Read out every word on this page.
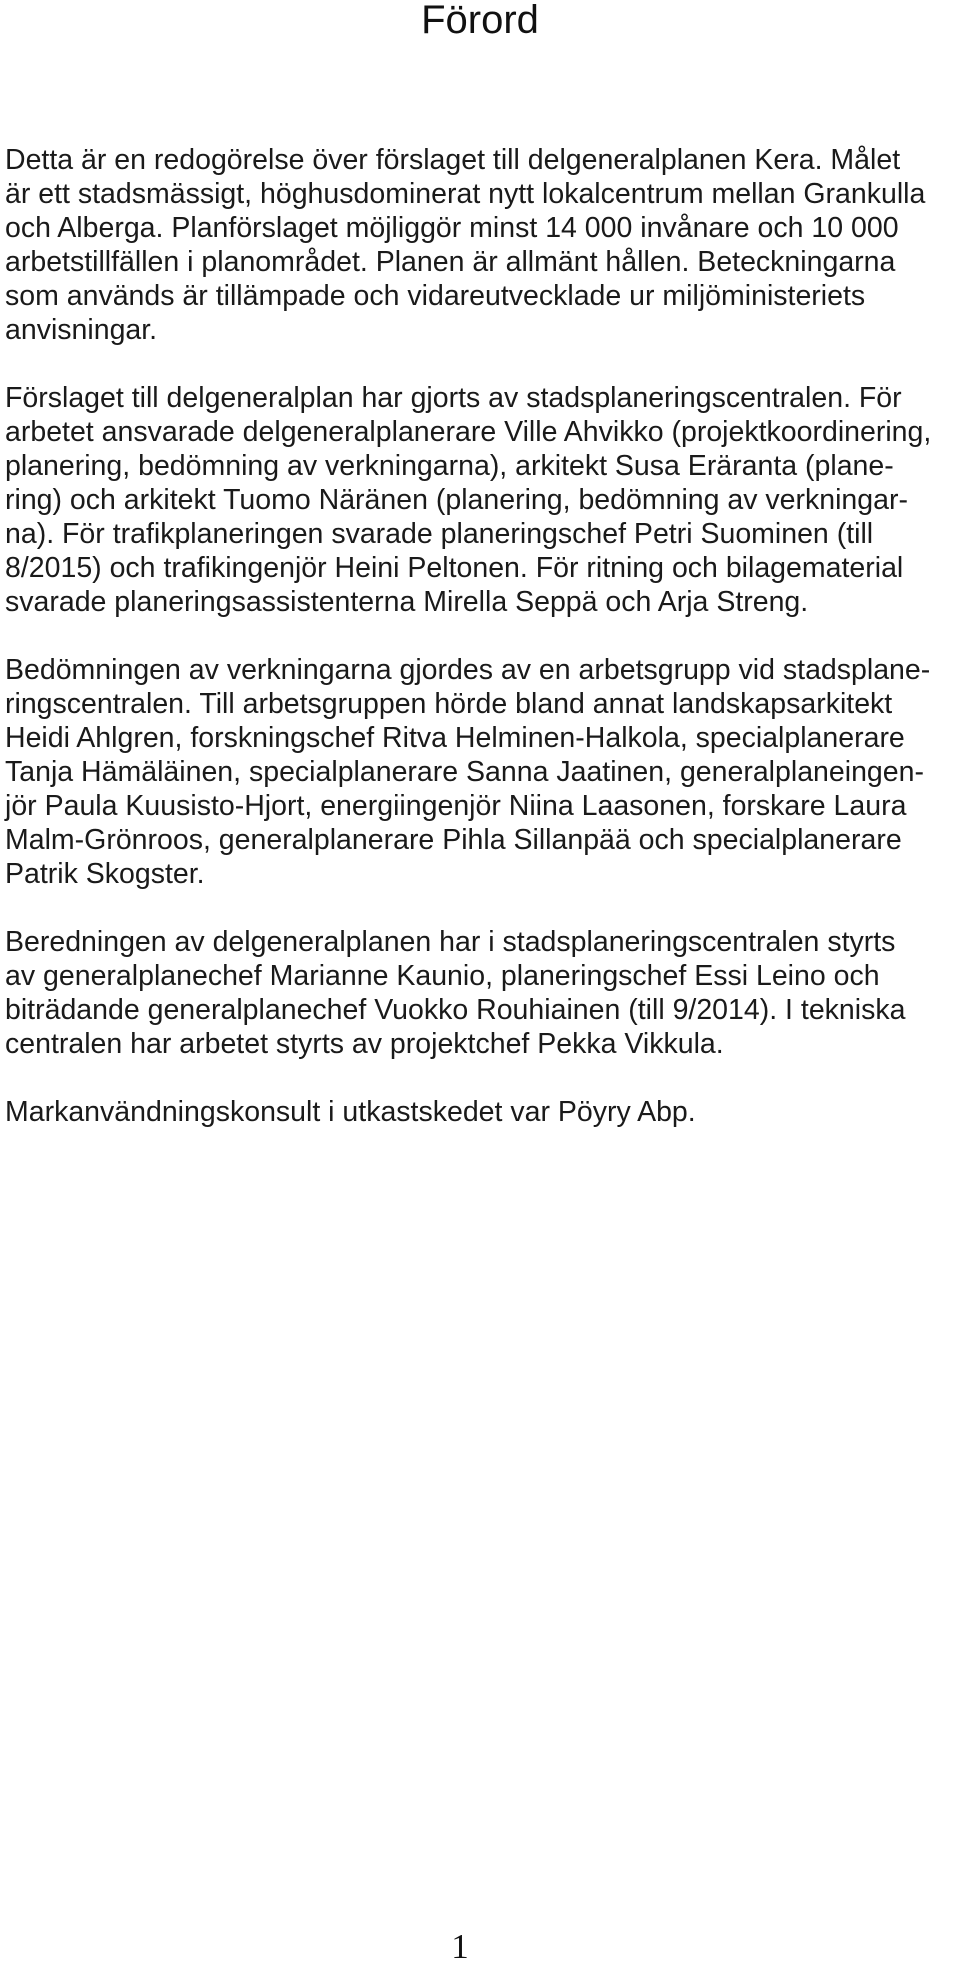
Förord

Detta är en redogörelse över förslaget till delgeneralplanen Kera. Målet
är ett stadsmässigt, höghusdominerat nytt lokalcentrum mellan Grankulla
och Alberga. Planförslaget möjliggör minst 14 000 invånare och 10 000
arbetstillfällen i planområdet. Planen är allmänt hållen. Beteckningarna
som används är tillämpade och vidareutvecklade ur miljöministeriets
anvisningar.

Förslaget till delgeneralplan har gjorts av stadsplaneringscentralen. För
arbetet ansvarade delgeneralplanerare Ville Ahvikko (projektkoordinering,
planering, bedömning av verkningarna), arkitekt Susa Eräranta (plane-
ring) och arkitekt Tuomo Näränen (planering, bedömning av verkningar-
na). För trafikplaneringen svarade planeringschef Petri Suominen (till
8/2015) och trafikingenjör Heini Peltonen. För ritning och bilagematerial
svarade planeringsassistenterna Mirella Seppä och Arja Streng.

Bedömningen av verkningarna gjordes av en arbetsgrupp vid stadsplane-
ringscentralen. Till arbetsgruppen hörde bland annat landskapsarkitekt
Heidi Ahlgren, forskningschef Ritva Helminen-Halkola, specialplanerare
Tanja Hämäläinen, specialplanerare Sanna Jaatinen, generalplaneingen-
jör Paula Kuusisto-Hjort, energiingenjör Niina Laasonen, forskare Laura
Malm-Grönroos, generalplanerare Pihla Sillanpää och specialplanerare
Patrik Skogster.

Beredningen av delgeneralplanen har i stadsplaneringscentralen styrts
av generalplanechef Marianne Kaunio, planeringschef Essi Leino och
biträdande generalplanechef Vuokko Rouhiainen (till 9/2014). I tekniska
centralen har arbetet styrts av projektchef Pekka Vikkula.

Markanvändningskonsult i utkastskedet var Pöyry Abp.

1
